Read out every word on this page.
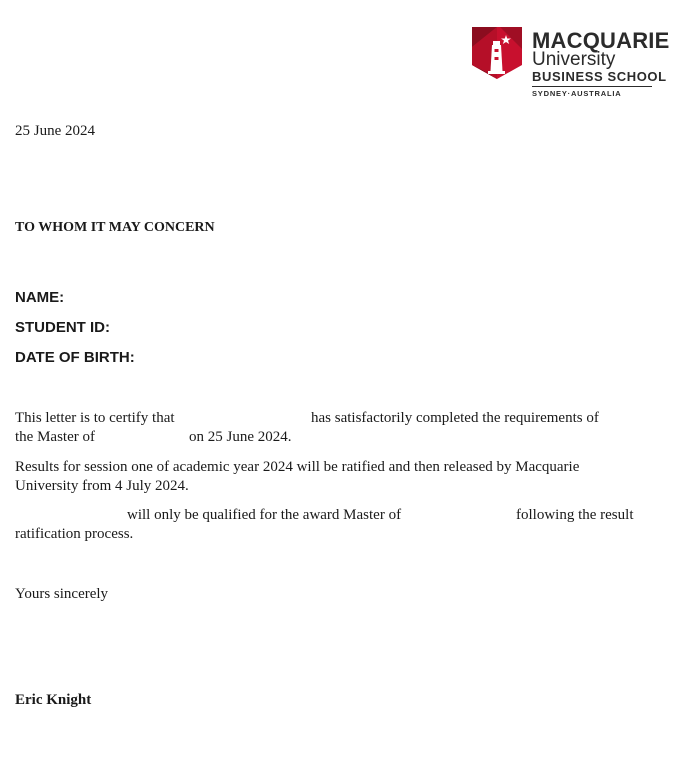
MACQUARIE
University
BUSINESS SCHOOL
SYDNEY·AUSTRALIA
25 June 2024
TO WHOM IT MAY CONCERN
NAME:
STUDENT ID:
DATE OF BIRTH:
This letter is to certify that	has satisfactorily completed the requirements of
the Master of	on 25 June 2024.
Results for session one of academic year 2024 will be ratified and then released by Macquarie
University from 4 July 2024.
will only be qualified for the award Master of	following the result
ratification process.
Yours sincerely
Eric Knight
